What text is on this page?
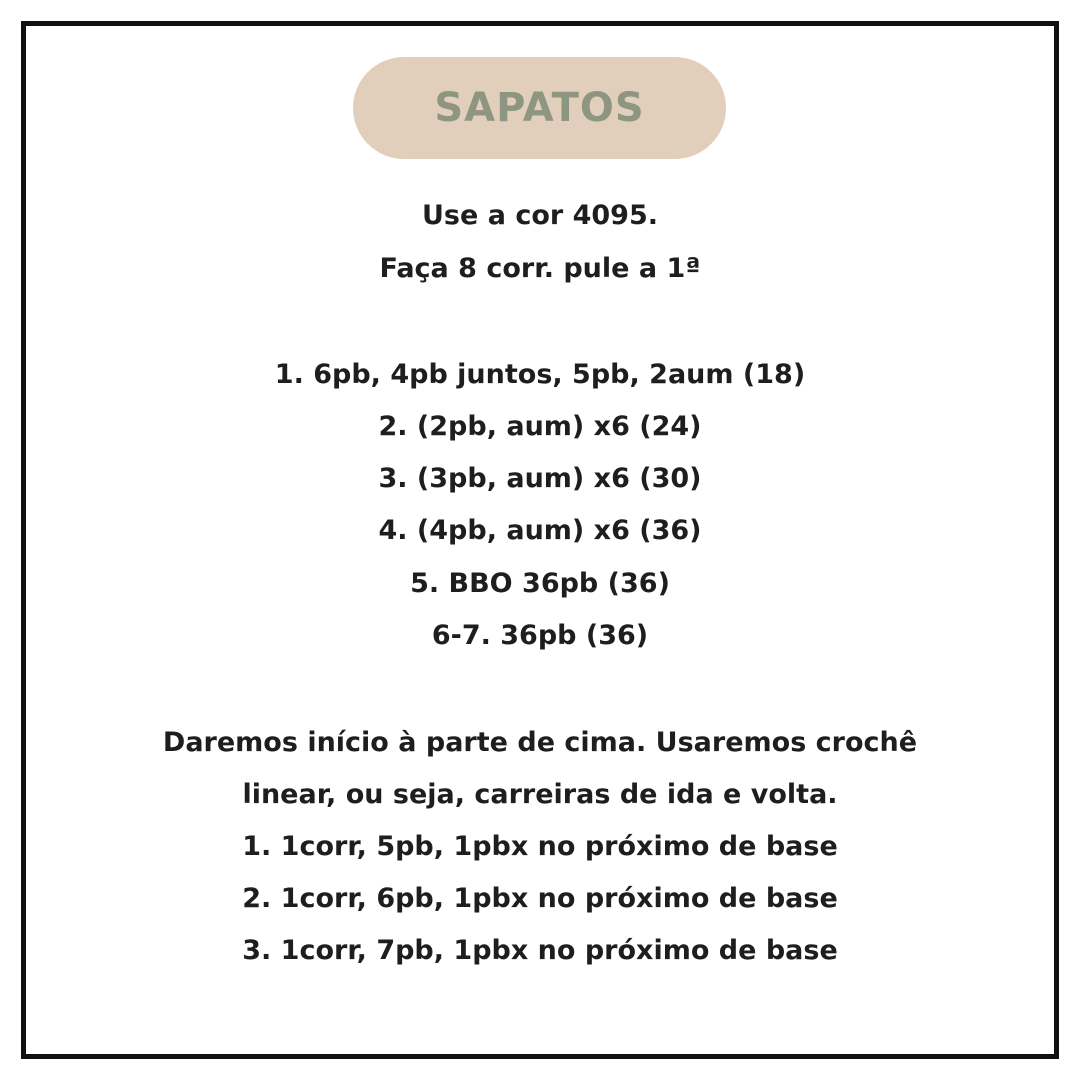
SAPATOS
Use a cor 4095.
Faça 8 corr. pule a 1ª
1. 6pb, 4pb juntos, 5pb, 2aum (18)
2. (2pb, aum) x6 (24)
3. (3pb, aum) x6 (30)
4. (4pb, aum) x6 (36)
5. BBO 36pb (36)
6-7. 36pb (36)
Daremos início à parte de cima. Usaremos crochê
linear, ou seja, carreiras de ida e volta.
1. 1corr, 5pb, 1pbx no próximo de base
2. 1corr, 6pb, 1pbx no próximo de base
3. 1corr, 7pb, 1pbx no próximo de base
